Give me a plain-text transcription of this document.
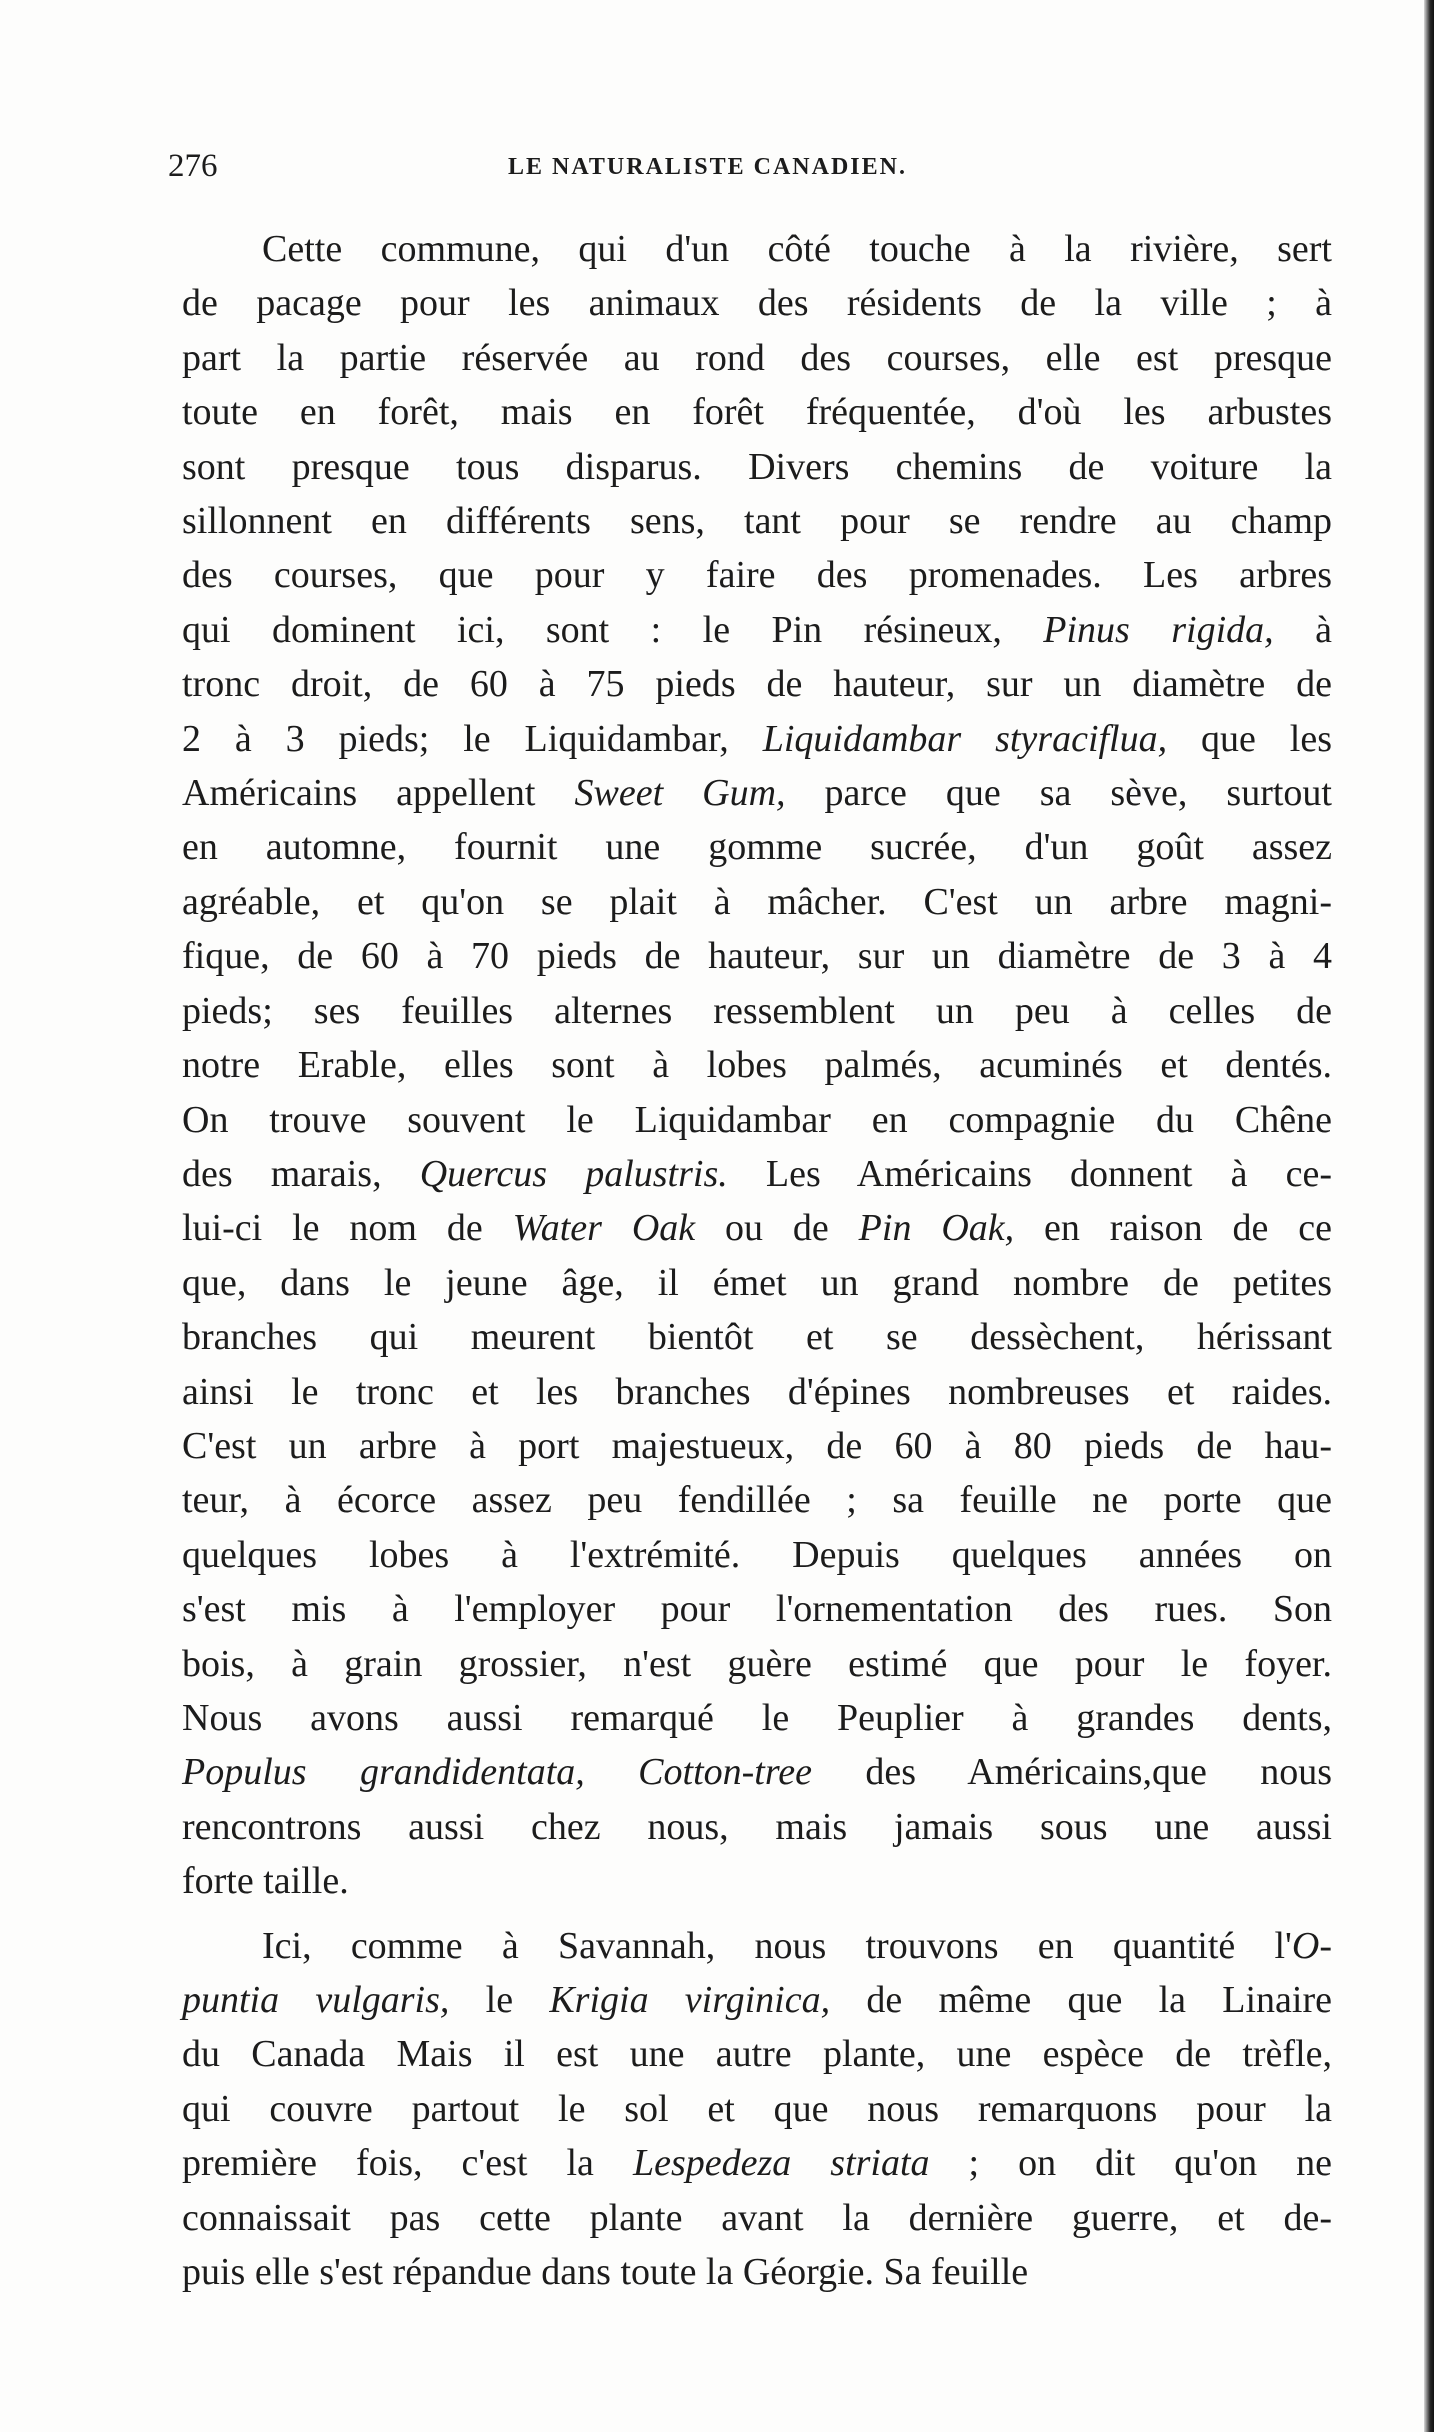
276	LE NATURALISTE CANADIEN.
Cette commune, qui d'un côté touche à la rivière, sert
de pacage pour les animaux des résidents de la ville ; à
part la partie réservée au rond des courses, elle est presque
toute en forêt, mais en forêt fréquentée, d'où les arbustes
sont presque tous disparus. Divers chemins de voiture la
sillonnent en différents sens, tant pour se rendre au champ
des courses, que pour y faire des promenades. Les arbres
qui dominent ici, sont : le Pin résineux, Pinus rigida, à
tronc droit, de 60 à 75 pieds de hauteur, sur un diamètre de
2 à 3 pieds; le Liquidambar, Liquidambar styraciflua, que les
Américains appellent Sweet Gum, parce que sa sève, surtout
en automne, fournit une gomme sucrée, d'un goût assez
agréable, et qu'on se plait à mâcher. C'est un arbre magni-
fique, de 60 à 70 pieds de hauteur, sur un diamètre de 3 à 4
pieds; ses feuilles alternes ressemblent un peu à celles de
notre Erable, elles sont à lobes palmés, acuminés et dentés.
On trouve souvent le Liquidambar en compagnie du Chêne
des marais, Quercus palustris. Les Américains donnent à ce-
lui-ci le nom de Water Oak ou de Pin Oak, en raison de ce
que, dans le jeune âge, il émet un grand nombre de petites
branches qui meurent bientôt et se dessèchent, hérissant
ainsi le tronc et les branches d'épines nombreuses et raides.
C'est un arbre à port majestueux, de 60 à 80 pieds de hau-
teur, à écorce assez peu fendillée ; sa feuille ne porte que
quelques lobes à l'extrémité. Depuis quelques années on
s'est mis à l'employer pour l'ornementation des rues. Son
bois, à grain grossier, n'est guère estimé que pour le foyer.
Nous avons aussi remarqué le Peuplier à grandes dents,
Populus grandidentata, Cotton-tree des Américains,que nous
rencontrons aussi chez nous, mais jamais sous une aussi
forte taille.
Ici, comme à Savannah, nous trouvons en quantité l'O-
puntia vulgaris, le Krigia virginica, de même que la Linaire
du Canada Mais il est une autre plante, une espèce de trèfle,
qui couvre partout le sol et que nous remarquons pour la
première fois, c'est la Lespedeza striata ; on dit qu'on ne
connaissait pas cette plante avant la dernière guerre, et de-
puis elle s'est répandue dans toute la Géorgie. Sa feuille
